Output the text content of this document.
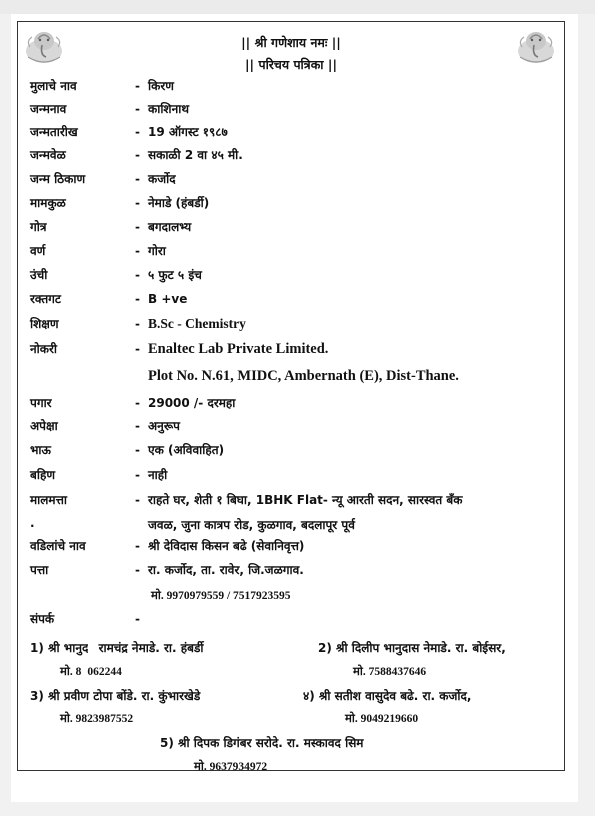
|| श्री गणेशाय नमः ||
|| परिचय पत्रिका ||
मुलाचे नाव	- किरण
जन्मनाव	- काशिनाथ
जन्मतारीख	- 19 ऑगस्ट १९८७
जन्मवेळ	- सकाळी 2 वा ४५ मी.
जन्म ठिकाण	- कर्जोद
मामकुळ	- नेमाडे (हंबर्डी)
गोत्र	- बगदालभ्य
वर्ण	- गोरा
उंची	- ५ फुट ५ इंच
रक्तगट	- B +ve
शिक्षण	- B.Sc - Chemistry
नोकरी	- Enaltec Lab Private Limited.
Plot No. N.61, MIDC, Ambernath (E), Dist-Thane.
पगार	- 29000 /- दरमहा
अपेक्षा	- अनुरूप
भाऊ	- एक (अविवाहित)
बहिण	- नाही
मालमत्ता	- राहते घर, शेती १ बिघा, 1BHK Flat- न्यू आरती सदन, सारस्वत बँक
.	जवळ, जुना कात्रप रोड, कुळगाव, बदलापूर पूर्व
वडिलांचे नाव	- श्री देविदास किसन बढे (सेवानिवृत्त)
पत्ता	- रा. कर्जोद, ता. रावेर, जि.जळगाव.
मो. 9970979559 / 7517923595
संपर्क	-
1) श्री भानुद रामचंद्र नेमाडे. रा. हंबर्डी
मो. 8 062244
2) श्री दिलीप भानुदास नेमाडे. रा. बोईसर,
मो. 7588437646
3) श्री प्रवीण टोपा बोंडे. रा. कुंभारखेडे
मो. 9823987552
४) श्री सतीश वासुदेव बढे. रा. कर्जोद,
मो. 9049219660
5) श्री दिपक डिगंबर सरोदे. रा. मस्कावद सिम
मो. 9637934972
